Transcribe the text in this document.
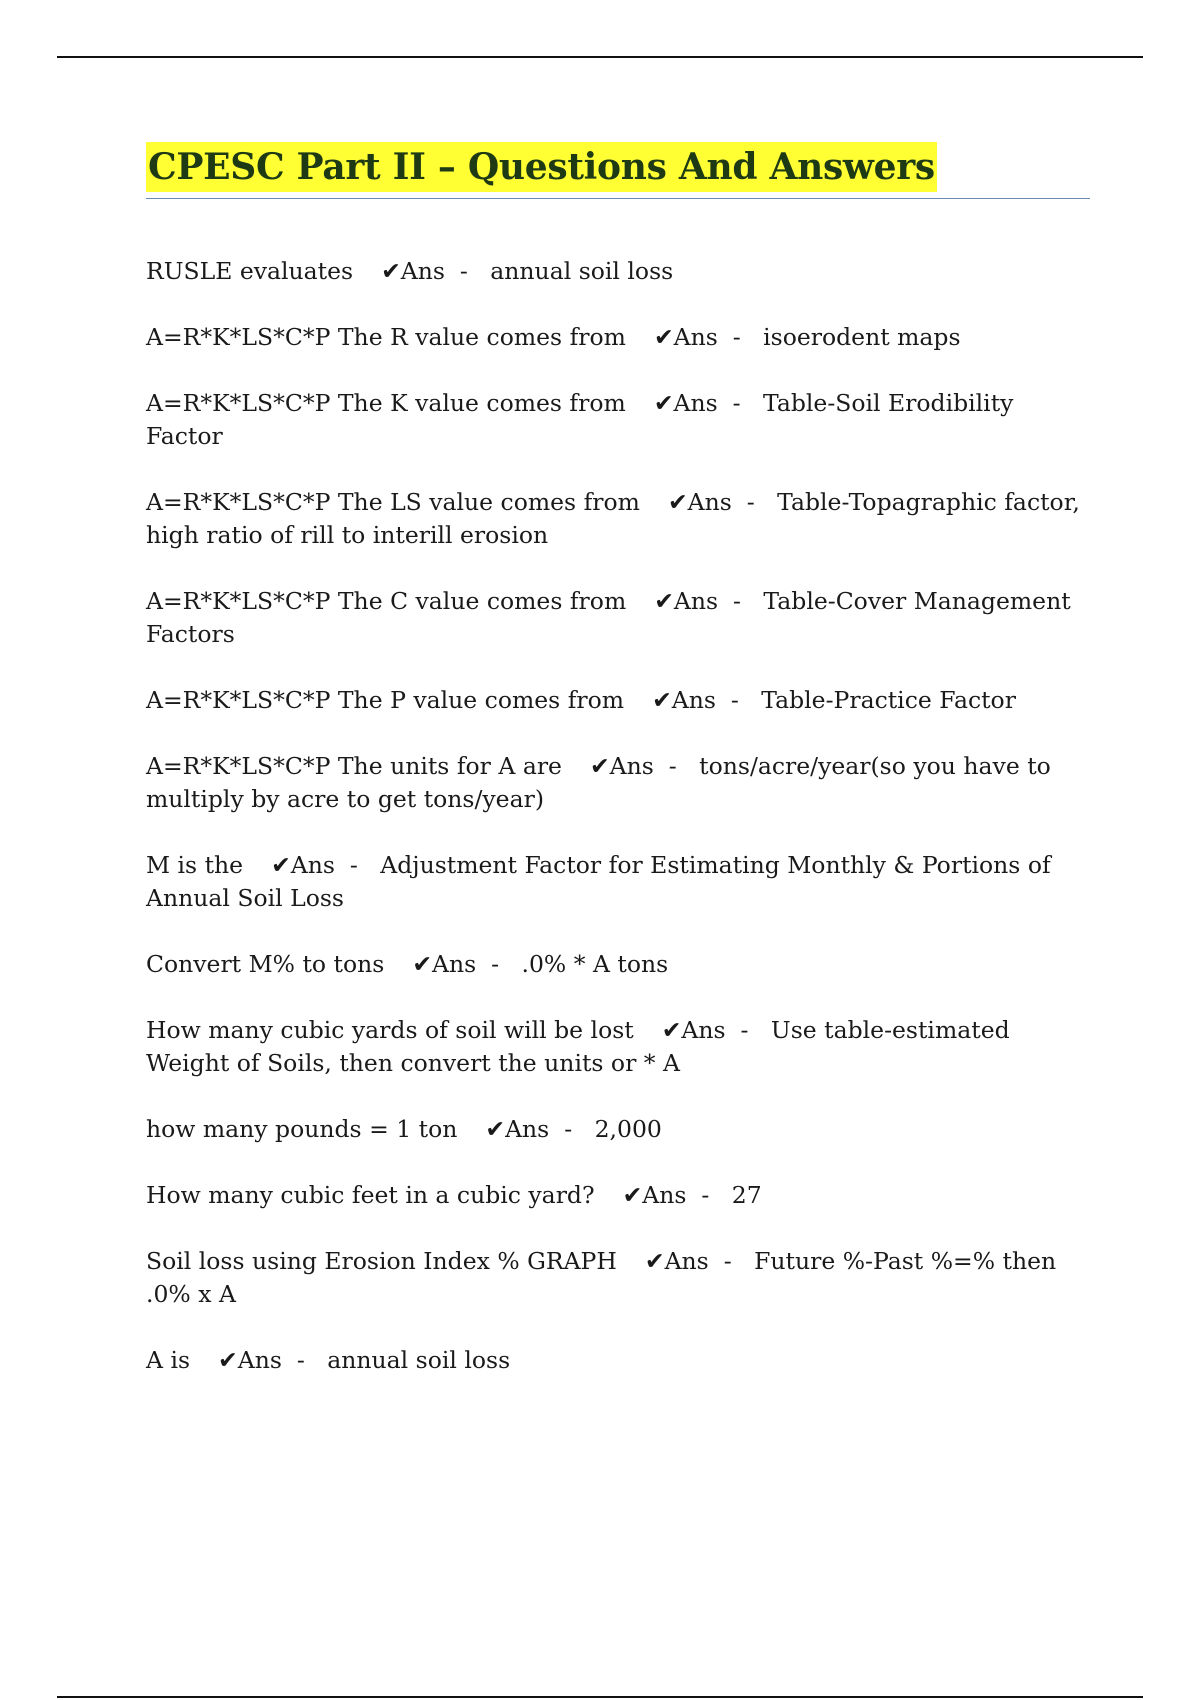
CPESC Part II – Questions And Answers

RUSLE evaluates ✔Ans - annual soil loss

A=R*K*LS*C*P The R value comes from ✔Ans - isoerodent maps

A=R*K*LS*C*P The K value comes from ✔Ans - Table-Soil Erodibility Factor

A=R*K*LS*C*P The LS value comes from ✔Ans - Table-Topagraphic factor, high ratio of rill to interill erosion

A=R*K*LS*C*P The C value comes from ✔Ans - Table-Cover Management Factors

A=R*K*LS*C*P The P value comes from ✔Ans - Table-Practice Factor

A=R*K*LS*C*P The units for A are ✔Ans - tons/acre/year(so you have to multiply by acre to get tons/year)

M is the ✔Ans - Adjustment Factor for Estimating Monthly & Portions of Annual Soil Loss

Convert M% to tons ✔Ans - .0% * A tons

How many cubic yards of soil will be lost ✔Ans - Use table-estimated Weight of Soils, then convert the units or * A

how many pounds = 1 ton ✔Ans - 2,000

How many cubic feet in a cubic yard? ✔Ans - 27

Soil loss using Erosion Index % GRAPH ✔Ans - Future %-Past %=% then .0% x A

A is ✔Ans - annual soil loss
